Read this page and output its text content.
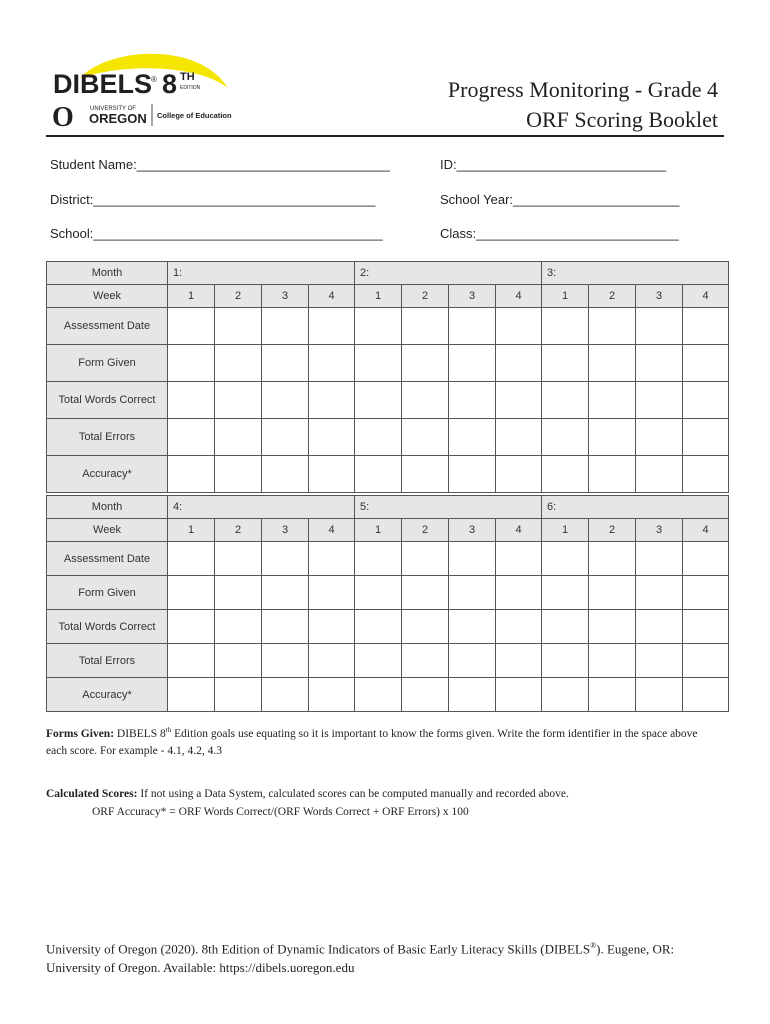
DIBELS
® 8 TH
EDITION
O	UNIVERSITY OF
OREGON College of Education
Progress Monitoring - Grade 4
ORF Scoring Booklet
Student Name:___________________________________	ID:_____________________________
District:_______________________________________	School Year:_______________________
School:________________________________________	Class:____________________________
Month	1:				2:				3:			
Week	1	2	3	4	1	2	3	4	1	2	3	4
Assessment Date												
Form Given												
Total Words Correct												
Total Errors												
Accuracy*												
Month	4:				5:				6:			
Week	1	2	3	4	1	2	3	4	1	2	3	4
Assessment Date												
Form Given												
Total Words Correct												
Total Errors												
Accuracy*												
Forms Given: DIBELS 8th Edition goals use equating so it is important to know the forms given. Write the form identifier in the space above each score. For example - 4.1, 4.2, 4.3
Calculated Scores: If not using a Data System, calculated scores can be computed manually and recorded above.
ORF Accuracy* = ORF Words Correct/(ORF Words Correct + ORF Errors) x 100
University of Oregon (2020). 8th Edition of Dynamic Indicators of Basic Early Literacy Skills (DIBELS®). Eugene, OR: University of Oregon. Available: https://dibels.uoregon.edu
